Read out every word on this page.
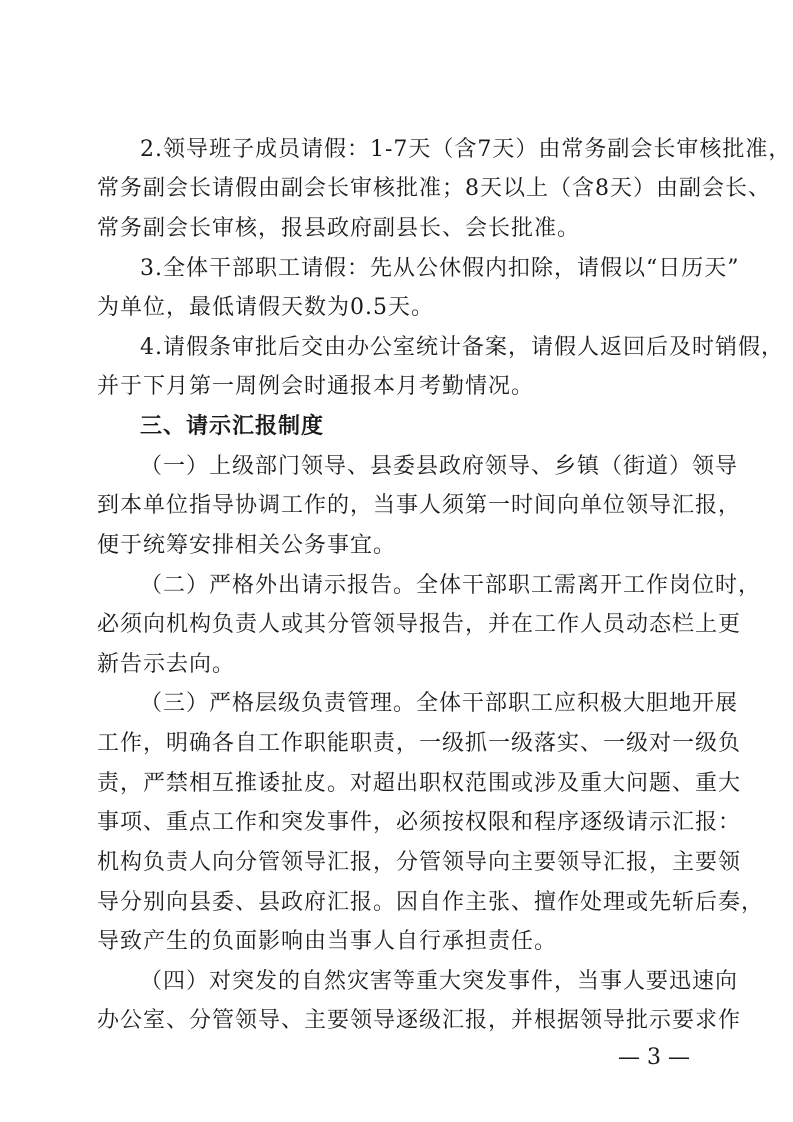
2.领导班子成员请假：1-7天（含7天）由常务副会长审核批准，
常务副会长请假由副会长审核批准；8天以上（含8天）由副会长、
常务副会长审核，报县政府副县长、会长批准。
3.全体干部职工请假：先从公休假内扣除，请假以“日历天”
为单位，最低请假天数为0.5天。
4.请假条审批后交由办公室统计备案，请假人返回后及时销假，
并于下月第一周例会时通报本月考勤情况。
三、请示汇报制度
（一）上级部门领导、县委县政府领导、乡镇（街道）领导
到本单位指导协调工作的，当事人须第一时间向单位领导汇报，
便于统筹安排相关公务事宜。
（二）严格外出请示报告。全体干部职工需离开工作岗位时，
必须向机构负责人或其分管领导报告，并在工作人员动态栏上更
新告示去向。
（三）严格层级负责管理。全体干部职工应积极大胆地开展
工作，明确各自工作职能职责，一级抓一级落实、一级对一级负
责，严禁相互推诿扯皮。对超出职权范围或涉及重大问题、重大
事项、重点工作和突发事件，必须按权限和程序逐级请示汇报：
机构负责人向分管领导汇报，分管领导向主要领导汇报，主要领
导分别向县委、县政府汇报。因自作主张、擅作处理或先斩后奏，
导致产生的负面影响由当事人自行承担责任。
（四）对突发的自然灾害等重大突发事件，当事人要迅速向
办公室、分管领导、主要领导逐级汇报，并根据领导批示要求作
— 3 —
